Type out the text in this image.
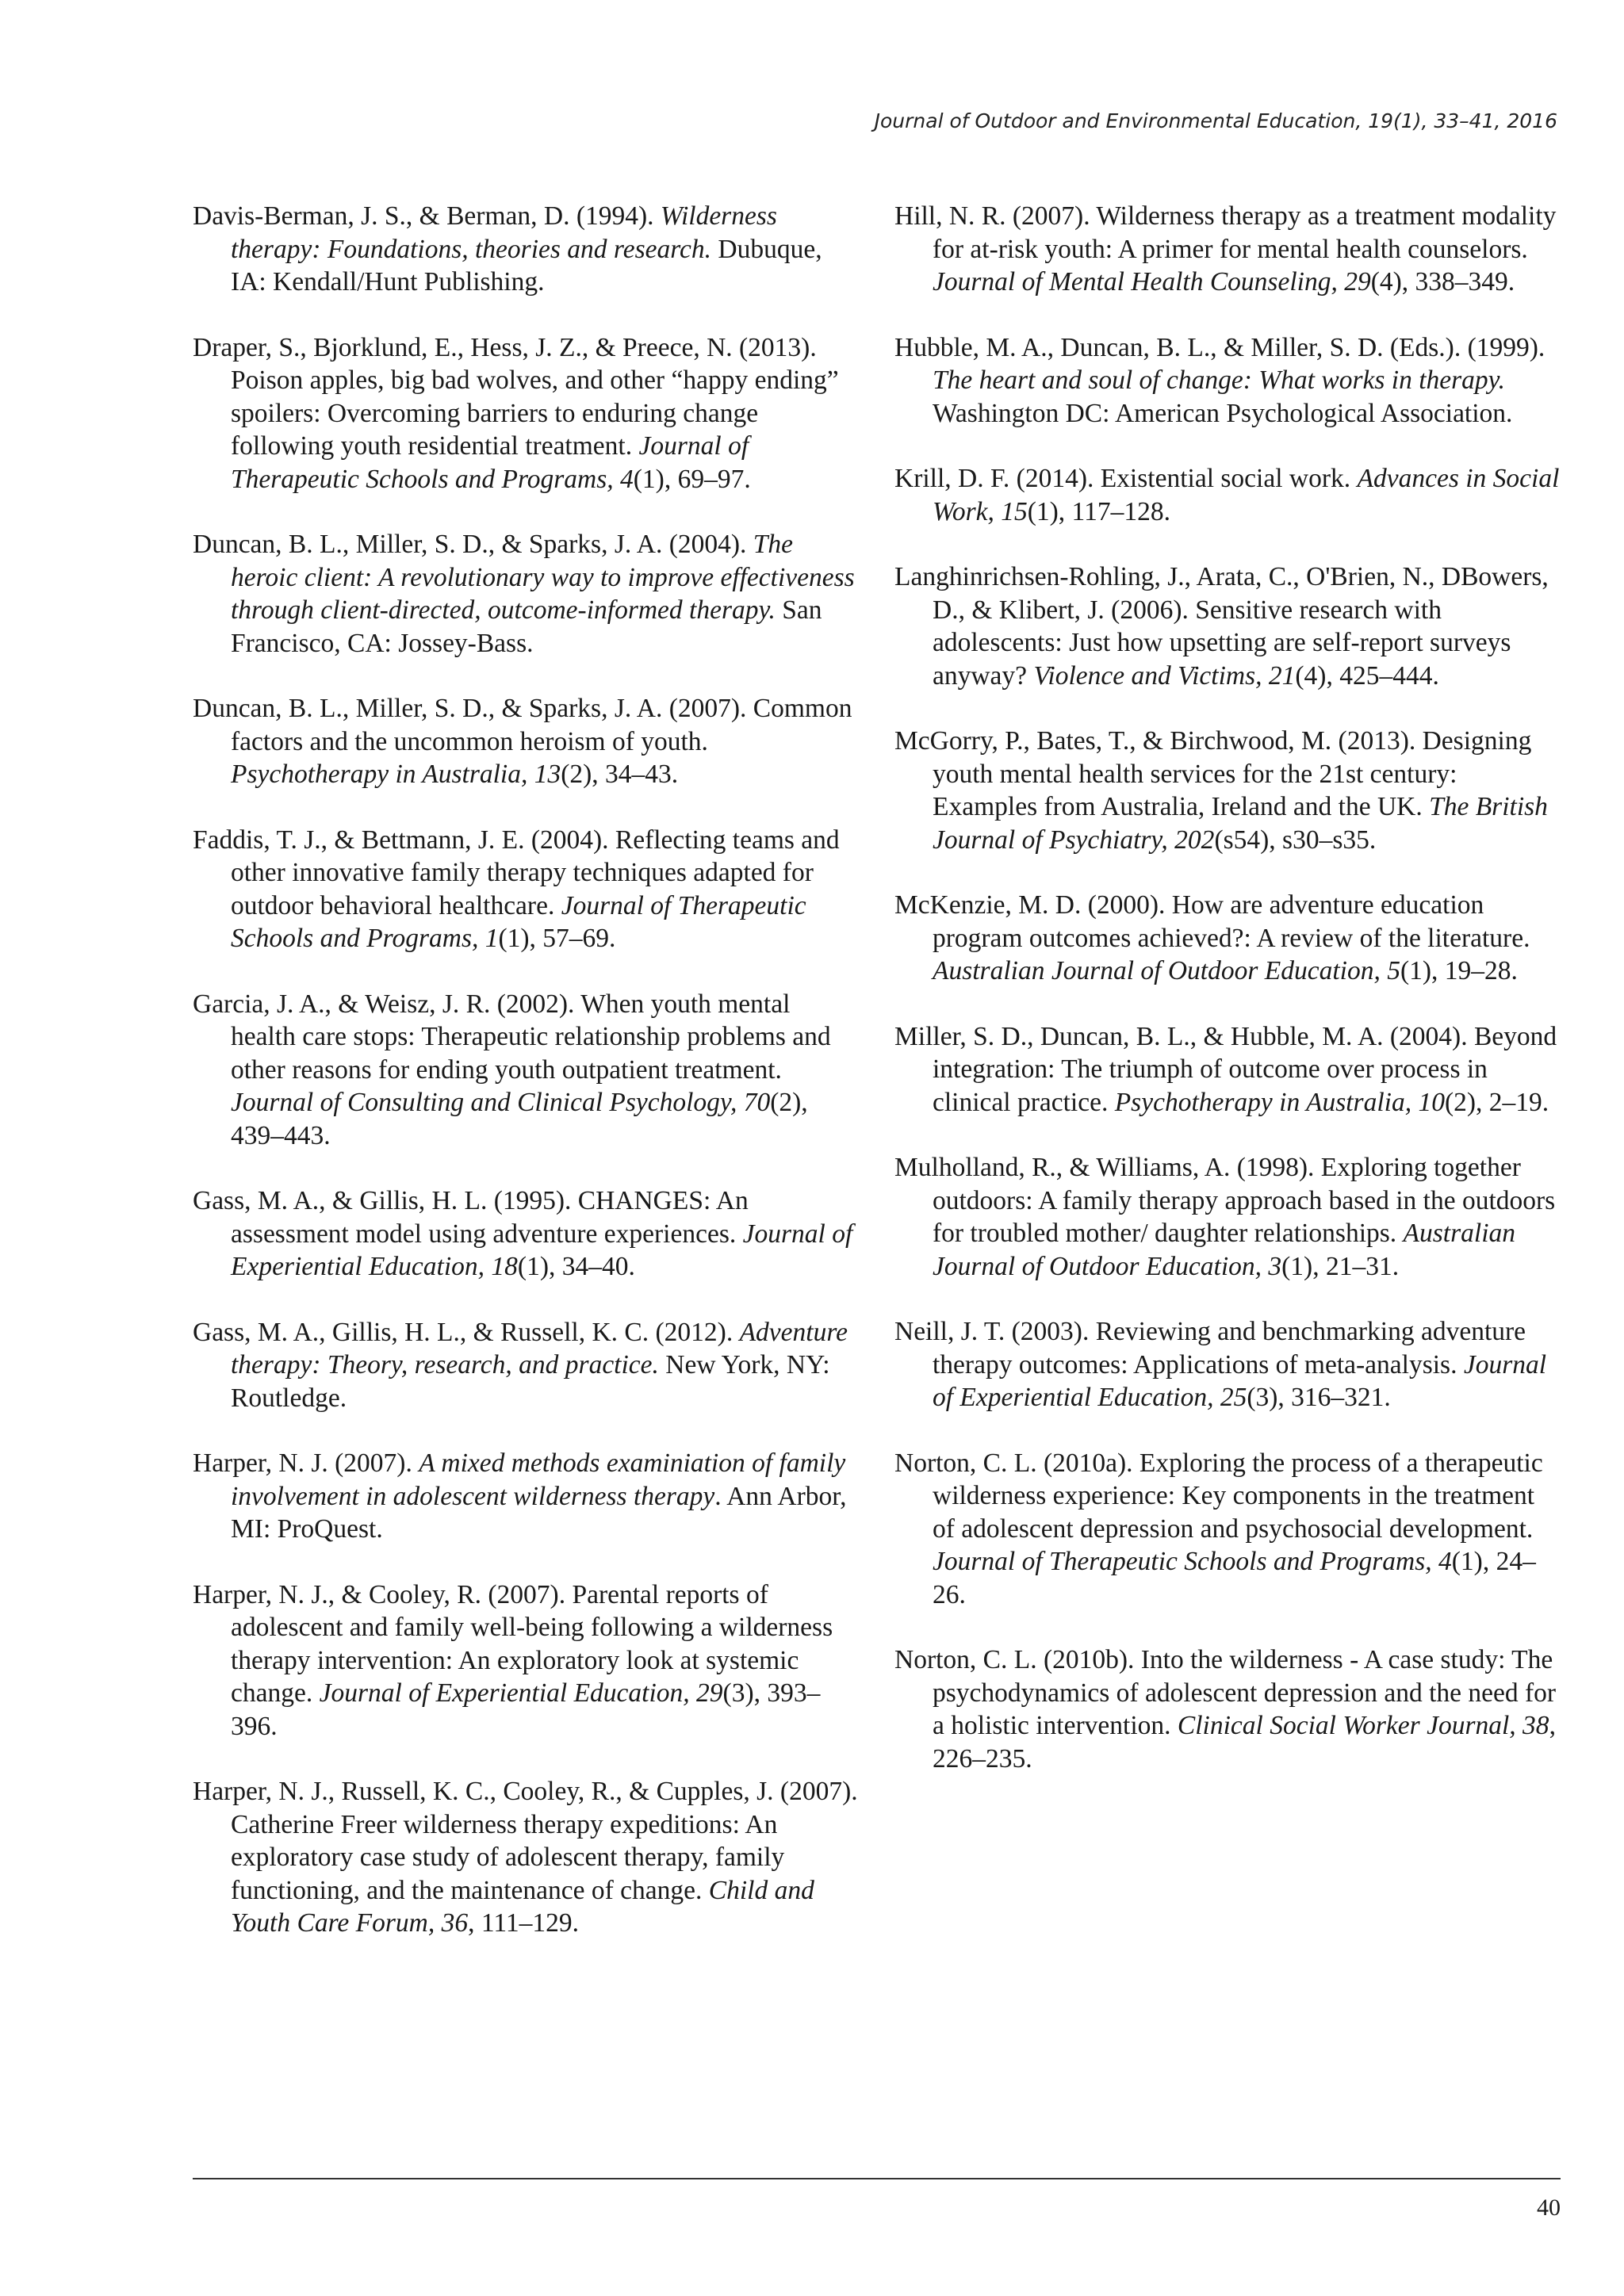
Journal of Outdoor and Environmental Education, 19(1), 33–41, 2016

Davis-Berman, J. S., & Berman, D. (1994). Wilderness therapy: Foundations, theories and research. Dubuque, IA: Kendall/Hunt Publishing.

Draper, S., Bjorklund, E., Hess, J. Z., & Preece, N. (2013). Poison apples, big bad wolves, and other “happy ending” spoilers: Overcoming barriers to enduring change following youth residential treatment. Journal of Therapeutic Schools and Programs, 4(1), 69–97.

Duncan, B. L., Miller, S. D., & Sparks, J. A. (2004). The heroic client: A revolutionary way to improve effectiveness through client-directed, outcome-informed therapy. San Francisco, CA: Jossey-Bass.

Duncan, B. L., Miller, S. D., & Sparks, J. A. (2007). Common factors and the uncommon heroism of youth. Psychotherapy in Australia, 13(2), 34–43.

Faddis, T. J., & Bettmann, J. E. (2004). Reflecting teams and other innovative family therapy techniques adapted for outdoor behavioral healthcare. Journal of Therapeutic Schools and Programs, 1(1), 57–69.

Garcia, J. A., & Weisz, J. R. (2002). When youth mental health care stops: Therapeutic relationship problems and other reasons for ending youth outpatient treatment. Journal of Consulting and Clinical Psychology, 70(2), 439–443.

Gass, M. A., & Gillis, H. L. (1995). CHANGES: An assessment model using adventure experiences. Journal of Experiential Education, 18(1), 34–40.

Gass, M. A., Gillis, H. L., & Russell, K. C. (2012). Adventure therapy: Theory, research, and practice. New York, NY: Routledge.

Harper, N. J. (2007). A mixed methods examiniation of family involvement in adolescent wilderness therapy. Ann Arbor, MI: ProQuest.

Harper, N. J., & Cooley, R. (2007). Parental reports of adolescent and family well-being following a wilderness therapy intervention: An exploratory look at systemic change. Journal of Experiential Education, 29(3), 393–396.

Harper, N. J., Russell, K. C., Cooley, R., & Cupples, J. (2007). Catherine Freer wilderness therapy expeditions: An exploratory case study of adolescent therapy, family functioning, and the maintenance of change. Child and Youth Care Forum, 36, 111–129.

Hill, N. R. (2007). Wilderness therapy as a treatment modality for at-risk youth: A primer for mental health counselors. Journal of Mental Health Counseling, 29(4), 338–349.

Hubble, M. A., Duncan, B. L., & Miller, S. D. (Eds.). (1999). The heart and soul of change: What works in therapy. Washington DC: American Psychological Association.

Krill, D. F. (2014). Existential social work. Advances in Social Work, 15(1), 117–128.

Langhinrichsen-Rohling, J., Arata, C., O'Brien, N., DBowers, D., & Klibert, J. (2006). Sensitive research with adolescents: Just how upsetting are self-report surveys anyway? Violence and Victims, 21(4), 425–444.

McGorry, P., Bates, T., & Birchwood, M. (2013). Designing youth mental health services for the 21st century: Examples from Australia, Ireland and the UK. The British Journal of Psychiatry, 202(s54), s30–s35.

McKenzie, M. D. (2000). How are adventure education program outcomes achieved?: A review of the literature. Australian Journal of Outdoor Education, 5(1), 19–28.

Miller, S. D., Duncan, B. L., & Hubble, M. A. (2004). Beyond integration: The triumph of outcome over process in clinical practice. Psychotherapy in Australia, 10(2), 2–19.

Mulholland, R., & Williams, A. (1998). Exploring together outdoors: A family therapy approach based in the outdoors for troubled mother/ daughter relationships. Australian Journal of Outdoor Education, 3(1), 21–31.

Neill, J. T. (2003). Reviewing and benchmarking adventure therapy outcomes: Applications of meta-analysis. Journal of Experiential Education, 25(3), 316–321.

Norton, C. L. (2010a). Exploring the process of a therapeutic wilderness experience: Key components in the treatment of adolescent depression and psychosocial development. Journal of Therapeutic Schools and Programs, 4(1), 24–26.

Norton, C. L. (2010b). Into the wilderness - A case study: The psychodynamics of adolescent depression and the need for a holistic intervention. Clinical Social Worker Journal, 38, 226–235.

40
